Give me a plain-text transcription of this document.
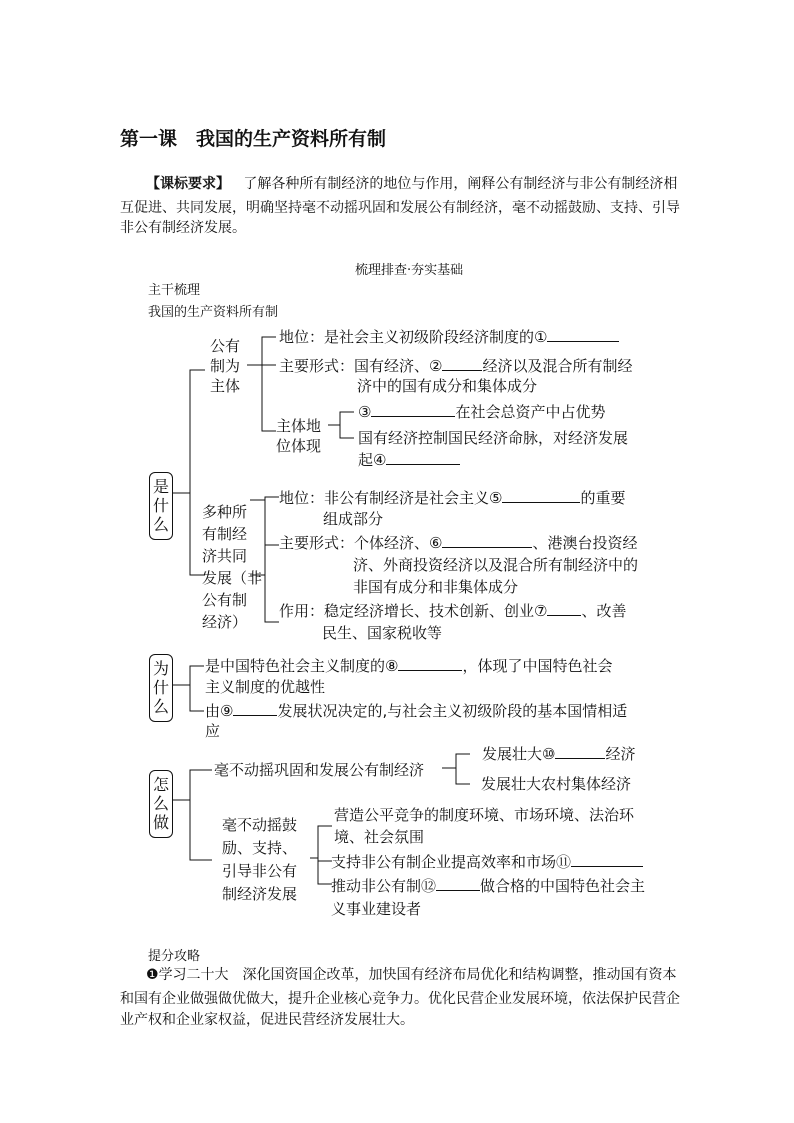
第一课　我国的生产资料所有制
【课标要求】 了解各种所有制经济的地位与作用，阐释公有制经济与非公有制经济相
互促进、共同发展，明确坚持毫不动摇巩固和发展公有制经济，毫不动摇鼓励、支持、引导
非公有制经济发展。
梳理排查·夯实基础
主干梳理
我国的生产资料所有制
是
什
么
公有
制为
主体
地位：是社会主义初级阶段经济制度的①
主要形式：国有经济、②	经济以及混合所有制经
济中的国有成分和集体成分
主体地
位体现
③	在社会总资产中占优势
国有经济控制国民经济命脉，对经济发展
起④
多种所
有制经
济共同
发展（非
公有制
经济）
地位：非公有制经济是社会主义⑤	的重要
组成部分
主要形式：个体经济、⑥	、港澳台投资经
济、外商投资经济以及混合所有制经济中的
非国有成分和非集体成分
作用：稳定经济增长、技术创新、创业⑦ 、改善
民生、国家税收等
为
什
么
是中国特色社会主义制度的⑧	，体现了中国特色社会
主义制度的优越性
由⑨	发展状况决定的,与社会主义初级阶段的基本国情相适
应
怎
么
做
毫不动摇巩固和发展公有制经济
发展壮大⑩	经济
发展壮大农村集体经济
毫不动摇鼓
励、支持、
引导非公有
制经济发展
营造公平竞争的制度环境、市场环境、法治环
境、社会氛围
支持非公有制企业提高效率和市场⑪
推动非公有制⑫	做合格的中国特色社会主
义事业建设者
提分攻略
❶学习二十大　深化国资国企改革，加快国有经济布局优化和结构调整，推动国有资本
和国有企业做强做优做大，提升企业核心竞争力。优化民营企业发展环境，依法保护民营企
业产权和企业家权益，促进民营经济发展壮大。
